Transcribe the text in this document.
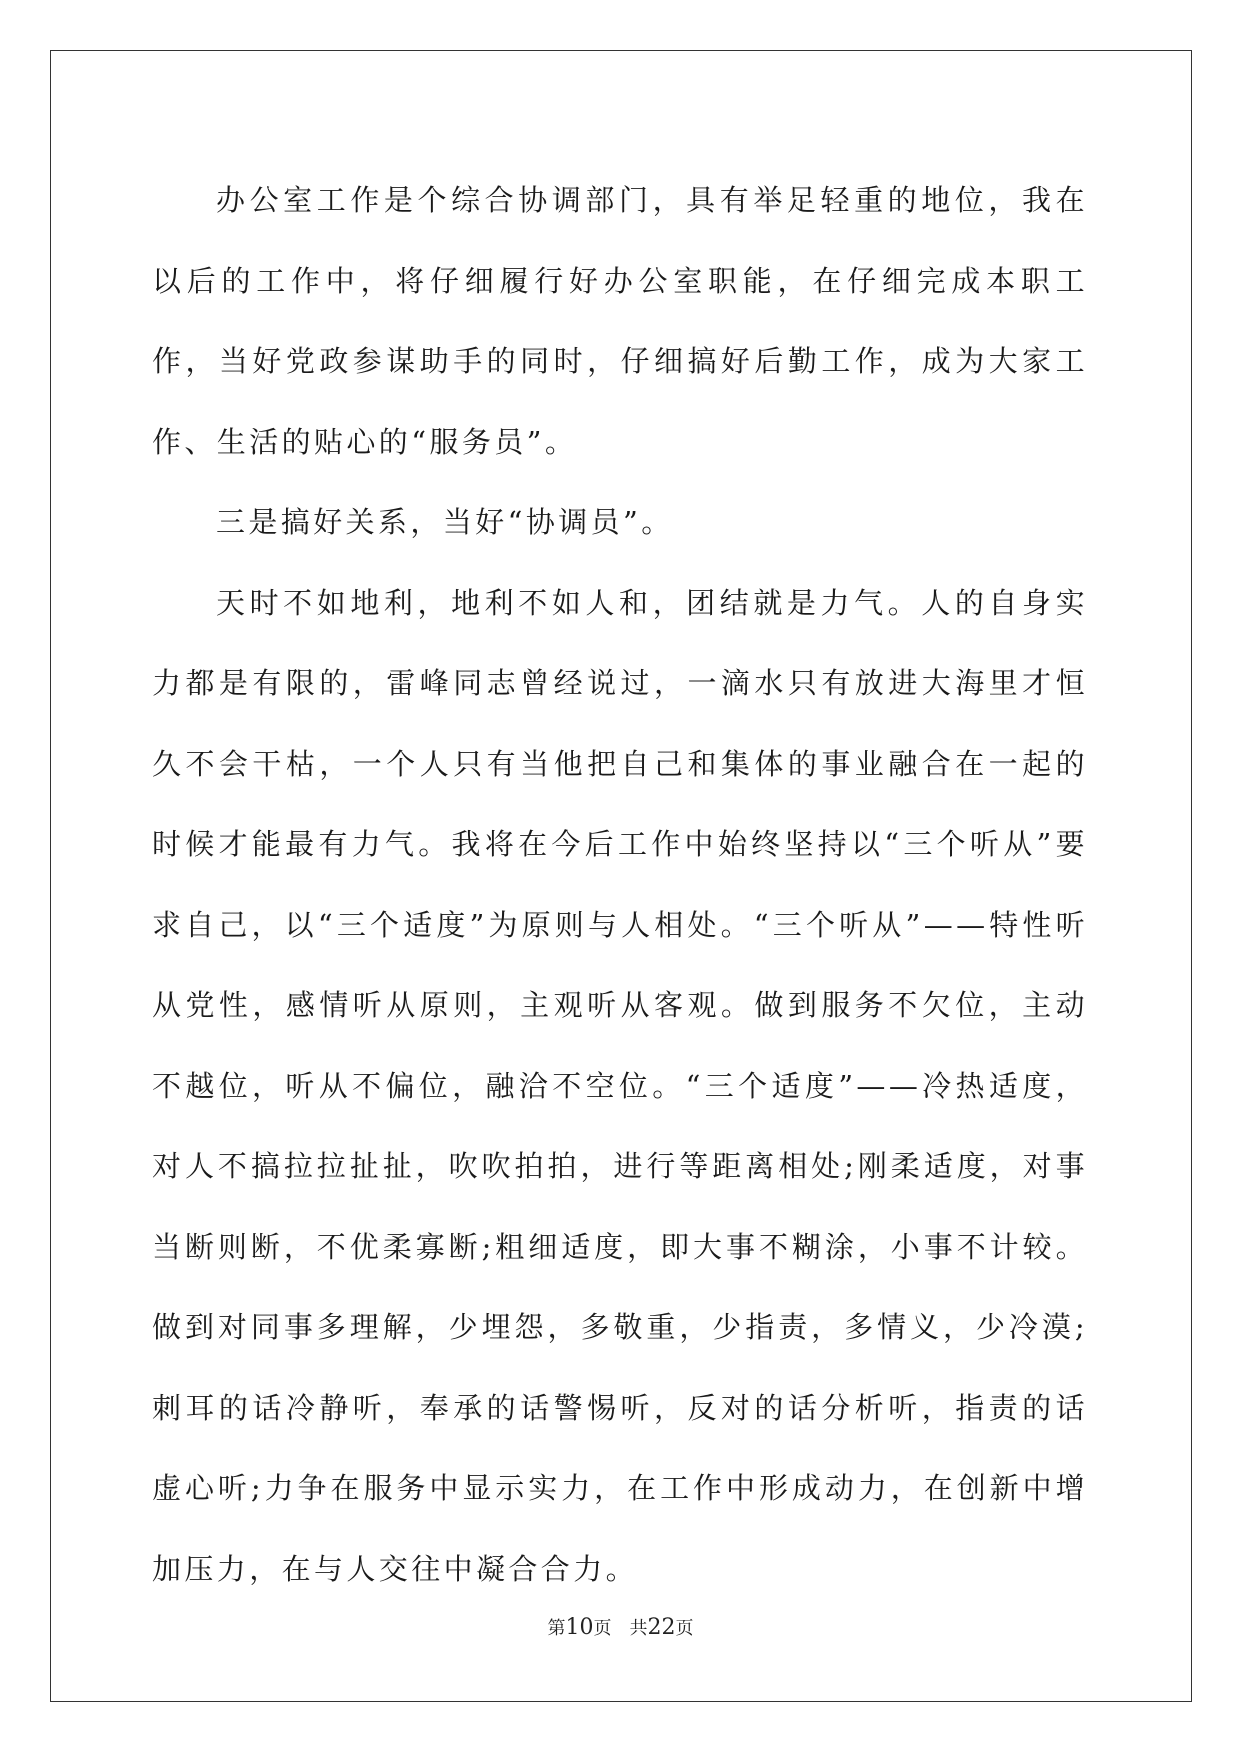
办公室工作是个综合协调部门，具有举足轻重的地位，我在以后的工作中，将仔细履行好办公室职能，在仔细完成本职工作，当好党政参谋助手的同时，仔细搞好后勤工作，成为大家工作、生活的贴心的“服务员”。

三是搞好关系，当好“协调员”。

天时不如地利，地利不如人和，团结就是力气。人的自身实力都是有限的，雷峰同志曾经说过，一滴水只有放进大海里才恒久不会干枯，一个人只有当他把自己和集体的事业融合在一起的时候才能最有力气。我将在今后工作中始终坚持以“三个听从”要求自己，以“三个适度”为原则与人相处。“三个听从”——特性听从党性，感情听从原则，主观听从客观。做到服务不欠位，主动不越位，听从不偏位，融洽不空位。“三个适度”——冷热适度，对人不搞拉拉扯扯，吹吹拍拍，进行等距离相处;刚柔适度，对事当断则断，不优柔寡断;粗细适度，即大事不糊涂，小事不计较。做到对同事多理解，少埋怨，多敬重，少指责，多情义，少冷漠;刺耳的话冷静听，奉承的话警惕听，反对的话分析听，指责的话虚心听;力争在服务中显示实力，在工作中形成动力，在创新中增加压力，在与人交往中凝合合力。

第10页 共22页
